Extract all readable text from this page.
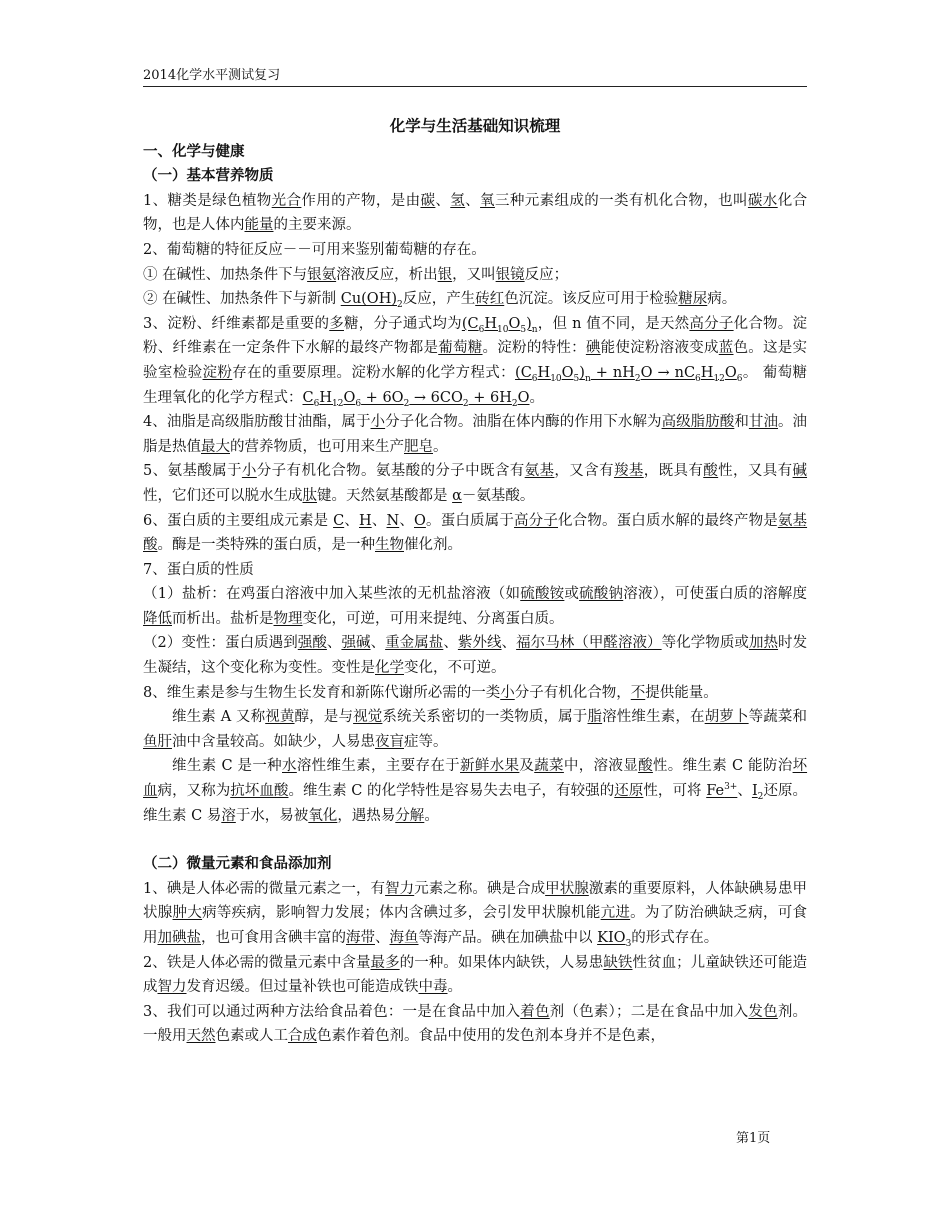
2014化学水平测试复习

化学与生活基础知识梳理

一、化学与健康

（一）基本营养物质

1、糖类是绿色植物光合作用的产物，是由碳、氢、氧三种元素组成的一类有机化合物，也叫碳水化合物，也是人体内能量的主要来源。

2、葡萄糖的特征反应－－可用来鉴别葡萄糖的存在。

① 在碱性、加热条件下与银氨溶液反应，析出银，又叫银镜反应；

② 在碱性、加热条件下与新制 $Cu(OH)_2$反应，产生砖红色沉淀。该反应可用于检验糖尿病。

3、淀粉、纤维素都是重要的多糖，分子通式均为$(C_6H_{10}O_5)_n$，但 n 值不同，是天然高分子化合物。淀粉、纤维素在一定条件下水解的最终产物都是葡萄糖。淀粉的特性：碘能使淀粉溶液变成蓝色。这是实验室检验淀粉存在的重要原理。淀粉水解的化学方程式：$(C_6H_{10}O_5)_n + nH_2O \to nC_6H_{12}O_6$。 葡萄糖生理氧化的化学方程式：$C_6H_{12}O_6 + 6O_2 \to 6CO_2 + 6H_2O$。

4、油脂是高级脂肪酸甘油酯，属于小分子化合物。油脂在体内酶的作用下水解为高级脂肪酸和甘油。油脂是热值最大的营养物质，也可用来生产肥皂。

5、氨基酸属于小分子有机化合物。氨基酸的分子中既含有氨基，又含有羧基，既具有酸性，又具有碱性，它们还可以脱水生成肽键。天然氨基酸都是 α－氨基酸。

6、蛋白质的主要组成元素是 C、H、N、O。蛋白质属于高分子化合物。蛋白质水解的最终产物是氨基酸。酶是一类特殊的蛋白质，是一种生物催化剂。

7、蛋白质的性质

（1）盐析：在鸡蛋白溶液中加入某些浓的无机盐溶液（如硫酸铵或硫酸钠溶液），可使蛋白质的溶解度降低而析出。盐析是物理变化，可逆，可用来提纯、分离蛋白质。

（2）变性：蛋白质遇到强酸、强碱、重金属盐、紫外线、福尔马林（甲醛溶液）等化学物质或加热时发生凝结，这个变化称为变性。变性是化学变化，不可逆。

8、维生素是参与生物生长发育和新陈代谢所必需的一类小分子有机化合物，不提供能量。

维生素 A 又称视黄醇，是与视觉系统关系密切的一类物质，属于脂溶性维生素，在胡萝卜等蔬菜和鱼肝油中含量较高。如缺少，人易患夜盲症等。

维生素 C 是一种水溶性维生素，主要存在于新鲜水果及蔬菜中，溶液显酸性。维生素 C 能防治坏血病，又称为抗坏血酸。维生素 C 的化学特性是容易失去电子，有较强的还原性，可将 $Fe^{3+}$、$I_2$还原。维生素 C 易溶于水，易被氧化，遇热易分解。

（二）微量元素和食品添加剂

1、碘是人体必需的微量元素之一，有智力元素之称。碘是合成甲状腺激素的重要原料，人体缺碘易患甲状腺肿大病等疾病，影响智力发展；体内含碘过多，会引发甲状腺机能亢进。为了防治碘缺乏病，可食用加碘盐，也可食用含碘丰富的海带、海鱼等海产品。碘在加碘盐中以 $KIO_3$的形式存在。

2、铁是人体必需的微量元素中含量最多的一种。如果体内缺铁，人易患缺铁性贫血；儿童缺铁还可能造成智力发育迟缓。但过量补铁也可能造成铁中毒。

3、我们可以通过两种方法给食品着色：一是在食品中加入着色剂（色素）；二是在食品中加入发色剂。一般用天然色素或人工合成色素作着色剂。食品中使用的发色剂本身并不是色素，

第1页
